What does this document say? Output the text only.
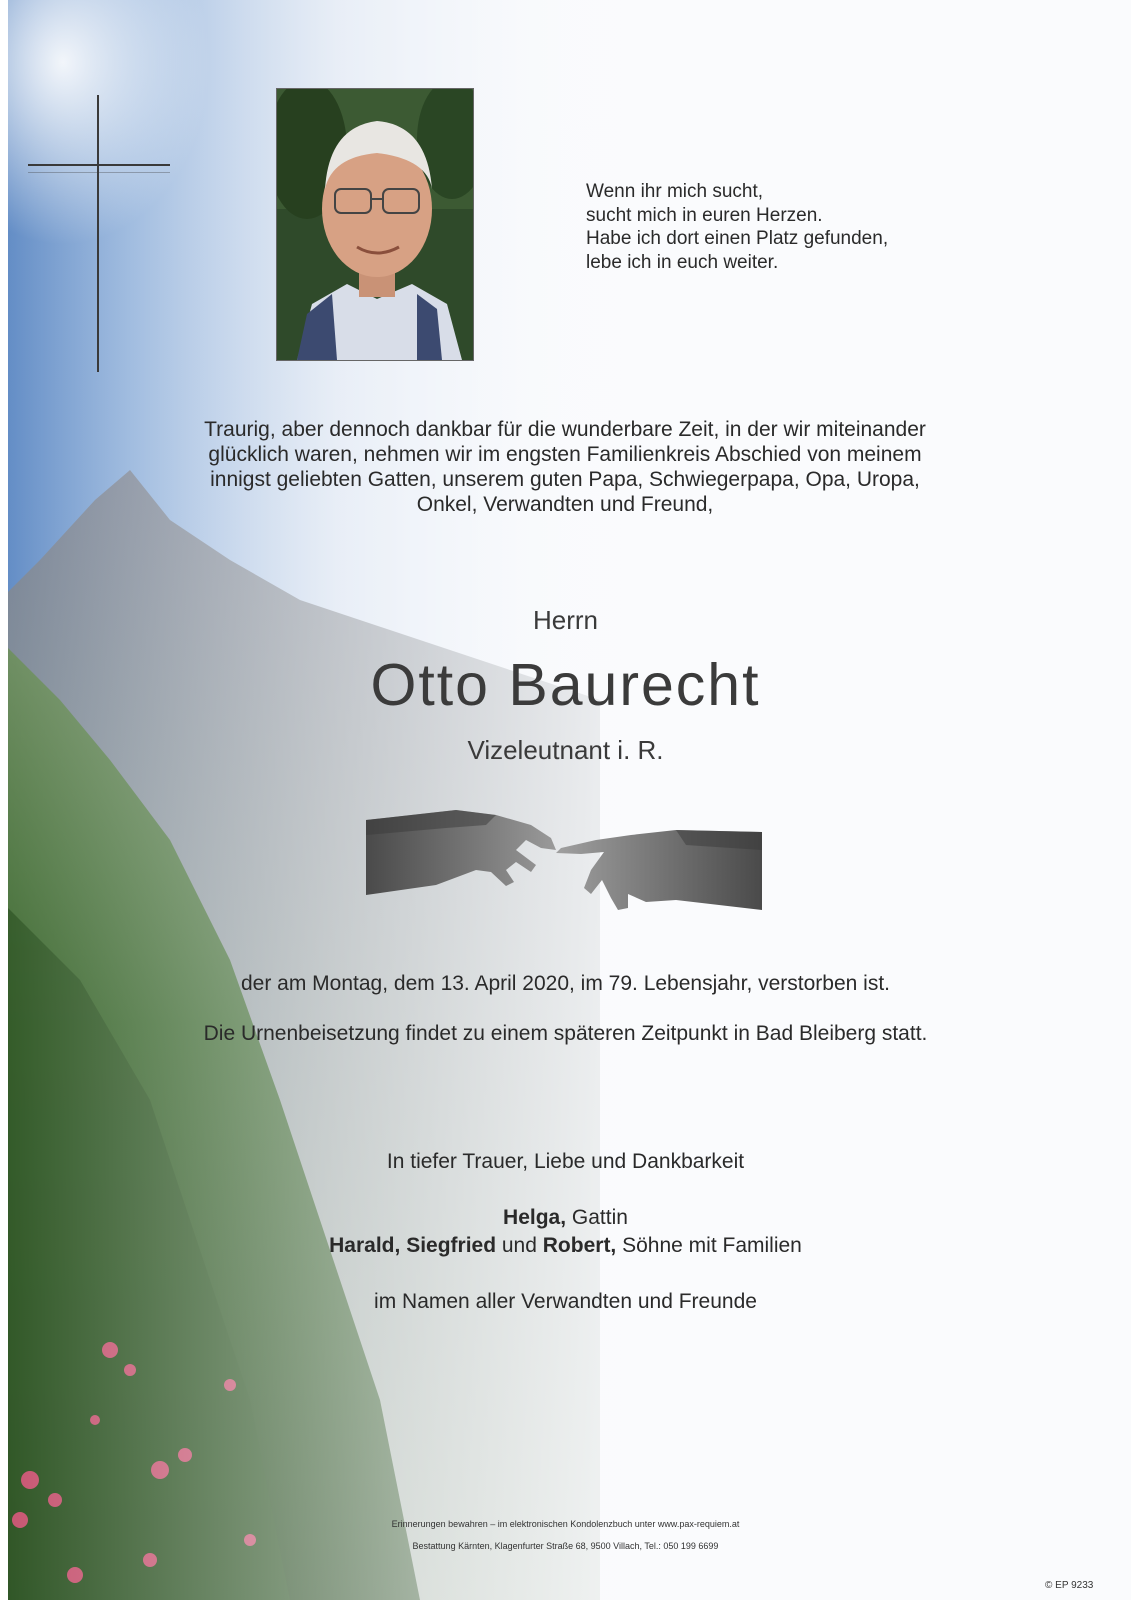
Wenn ihr mich sucht,
sucht mich in euren Herzen.
Habe ich dort einen Platz gefunden,
lebe ich in euch weiter.
Traurig, aber dennoch dankbar für die wunderbare Zeit, in der wir miteinander
glücklich waren, nehmen wir im engsten Familienkreis Abschied von meinem
innigst geliebten Gatten, unserem guten Papa, Schwiegerpapa, Opa, Uropa,
Onkel, Verwandten und Freund,
Herrn
Otto Baurecht
Vizeleutnant i. R.
der am Montag, dem 13. April 2020, im 79. Lebensjahr, verstorben ist.
Die Urnenbeisetzung findet zu einem späteren Zeitpunkt in Bad Bleiberg statt.
In tiefer Trauer, Liebe und Dankbarkeit
Helga, Gattin
Harald, Siegfried und Robert, Söhne mit Familien
im Namen aller Verwandten und Freunde
Erinnerungen bewahren – im elektronischen Kondolenzbuch unter www.pax-requiem.at
Bestattung Kärnten, Klagenfurter Straße 68, 9500 Villach, Tel.: 050 199 6699
© EP 9233
